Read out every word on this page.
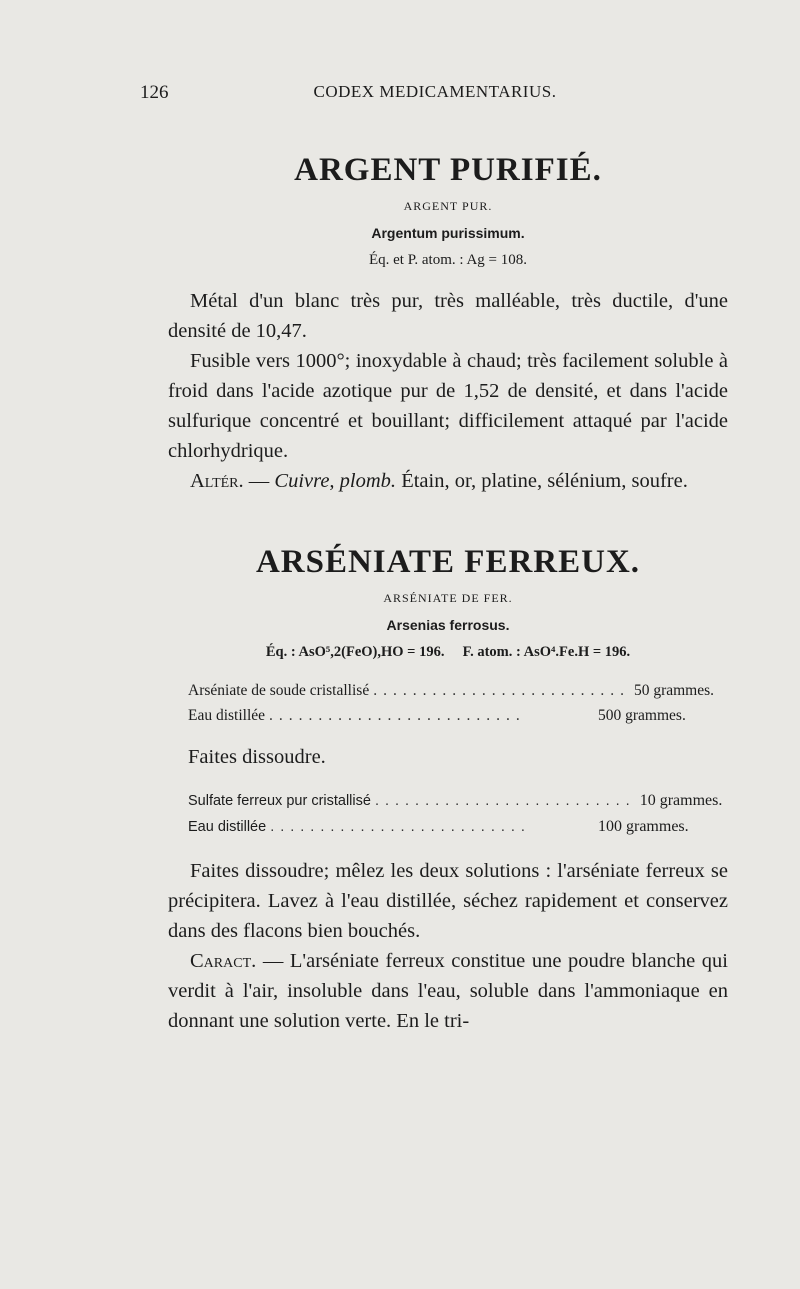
126	CODEX MEDICAMENTARIUS.
ARGENT PURIFIÉ.

ARGENT PUR.

Argentum purissimum.

Éq. et P. atom. : Ag = 108.

Métal d'un blanc très pur, très malléable, très ductile, d'une densité de 10,47.

Fusible vers 1000°; inoxydable à chaud; très facilement soluble à froid dans l'acide azotique pur de 1,52 de densité, et dans l'acide sulfurique concentré et bouillant; difficilement attaqué par l'acide chlorhydrique.

Altér. — Cuivre, plomb. Étain, or, platine, sélénium, soufre.

ARSÉNIATE FERREUX.

ARSÉNIATE DE FER.

Arsenias ferrosus.

Éq. : AsO⁵,2(FeO),HO = 196.     F. atom. : AsO⁴.Fe.H = 196.

Arséniate de soude cristallisé .......................... 50 grammes.
Eau distillée ..........................	500 grammes.

Faites dissoudre.

Sulfate ferreux pur cristallisé .......................... 10 grammes.
Eau distillée ..........................	100 grammes.

Faites dissoudre; mêlez les deux solutions : l'arséniate ferreux se précipitera. Lavez à l'eau distillée, séchez rapidement et conservez dans des flacons bien bouchés.

Caract. — L'arséniate ferreux constitue une poudre blanche qui verdit à l'air, insoluble dans l'eau, soluble dans l'ammoniaque en donnant une solution verte. En le tri-
